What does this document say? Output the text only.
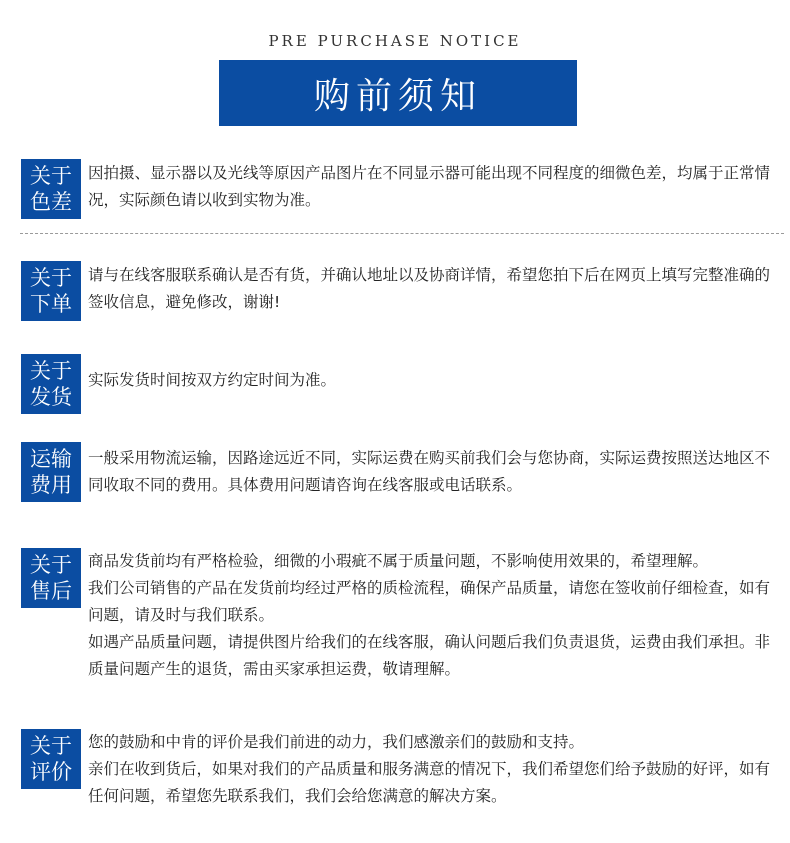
PRE PURCHASE NOTICE
购前须知
关于
色差

因拍摄、显示器以及光线等原因产品图片在不同显示器可能出现不同程度的细微色差，均属于正常情况，实际颜色请以收到实物为准。

关于
下单

请与在线客服联系确认是否有货，并确认地址以及协商详情，希望您拍下后在网页上填写完整准确的签收信息，避免修改，谢谢!

关于
发货

实际发货时间按双方约定时间为准。

运输
费用

一般采用物流运输，因路途远近不同，实际运费在购买前我们会与您协商，实际运费按照送达地区不同收取不同的费用。具体费用问题请咨询在线客服或电话联系。

关于
售后

商品发货前均有严格检验，细微的小瑕疵不属于质量问题，不影响使用效果的，希望理解。

我们公司销售的产品在发货前均经过严格的质检流程，确保产品质量，请您在签收前仔细检查，如有问题，请及时与我们联系。

如遇产品质量问题，请提供图片给我们的在线客服，确认问题后我们负责退货，运费由我们承担。非质量问题产生的退货，需由买家承担运费，敬请理解。

关于
评价

您的鼓励和中肯的评价是我们前进的动力，我们感激亲们的鼓励和支持。

亲们在收到货后，如果对我们的产品质量和服务满意的情况下，我们希望您们给予鼓励的好评，如有任何问题，希望您先联系我们，我们会给您满意的解决方案。
